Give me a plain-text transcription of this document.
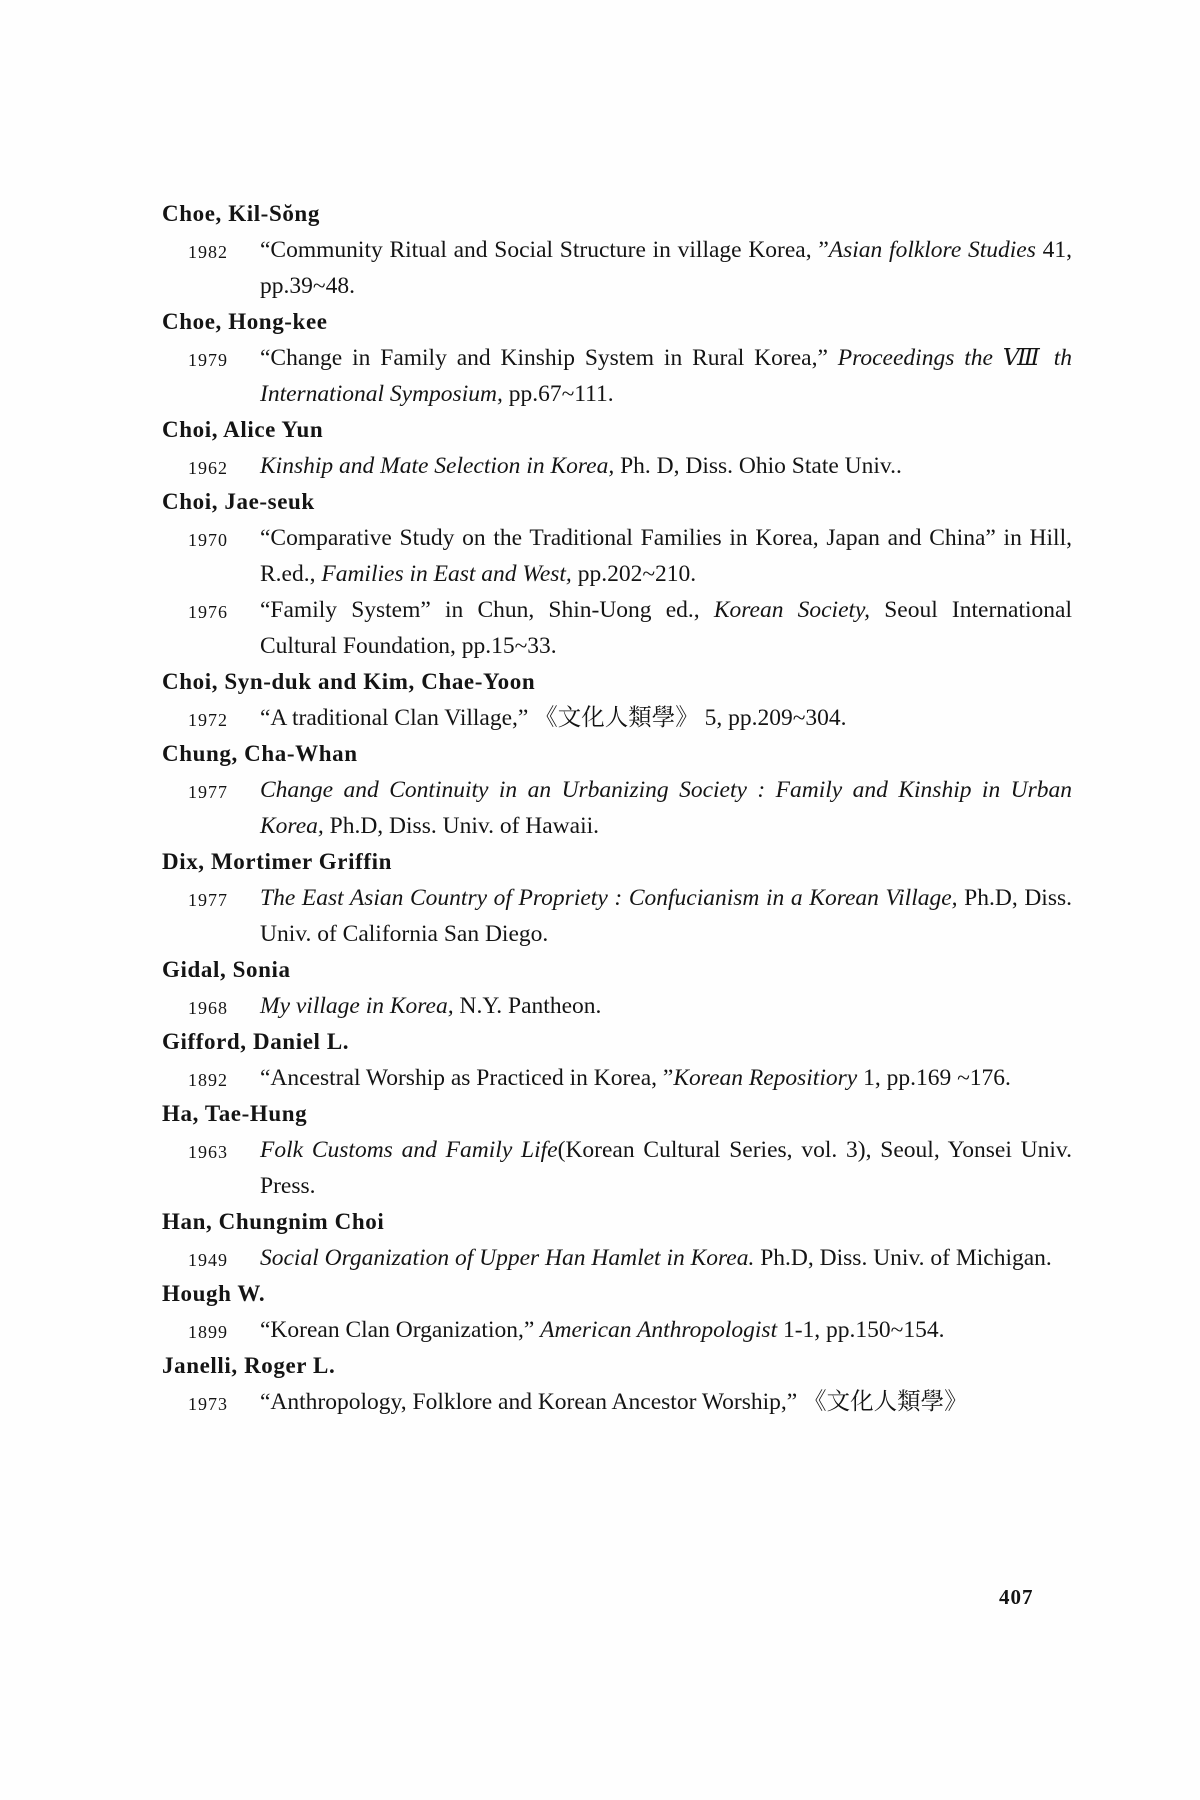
Choe, Kil-Sŏng
1982 “Community Ritual and Social Structure in village Korea, ”Asian folklore Studies 41, pp.39~48.
Choe, Hong-kee
1979 “Change in Family and Kinship System in Rural Korea,” Proceedings the Ⅷ th International Symposium, pp.67~111.
Choi, Alice Yun
1962 Kinship and Mate Selection in Korea, Ph. D, Diss. Ohio State Univ..
Choi, Jae-seuk
1970 “Comparative Study on the Traditional Families in Korea, Japan and China” in Hill, R.ed., Families in East and West, pp.202~210.
1976 “Family System” in Chun, Shin-Uong ed., Korean Society, Seoul International Cultural Foundation, pp.15~33.
Choi, Syn-duk and Kim, Chae-Yoon
1972 “A traditional Clan Village,” 《文化人類學》 5, pp.209~304.
Chung, Cha-Whan
1977 Change and Continuity in an Urbanizing Society : Family and Kinship in Urban Korea, Ph.D, Diss. Univ. of Hawaii.
Dix, Mortimer Griffin
1977 The East Asian Country of Propriety : Confucianism in a Korean Village, Ph.D, Diss. Univ. of California San Diego.
Gidal, Sonia
1968 My village in Korea, N.Y. Pantheon.
Gifford, Daniel L.
1892 “Ancestral Worship as Practiced in Korea, ”Korean Repositiory 1, pp.169 ~176.
Ha, Tae-Hung
1963 Folk Customs and Family Life(Korean Cultural Series, vol. 3), Seoul, Yonsei Univ. Press.
Han, Chungnim Choi
1949 Social Organization of Upper Han Hamlet in Korea. Ph.D, Diss. Univ. of Michigan.
Hough W.
1899 “Korean Clan Organization,” American Anthropologist 1-1, pp.150~154.
Janelli, Roger L.
1973 “Anthropology, Folklore and Korean Ancestor Worship,” 《文化人類學》
407
